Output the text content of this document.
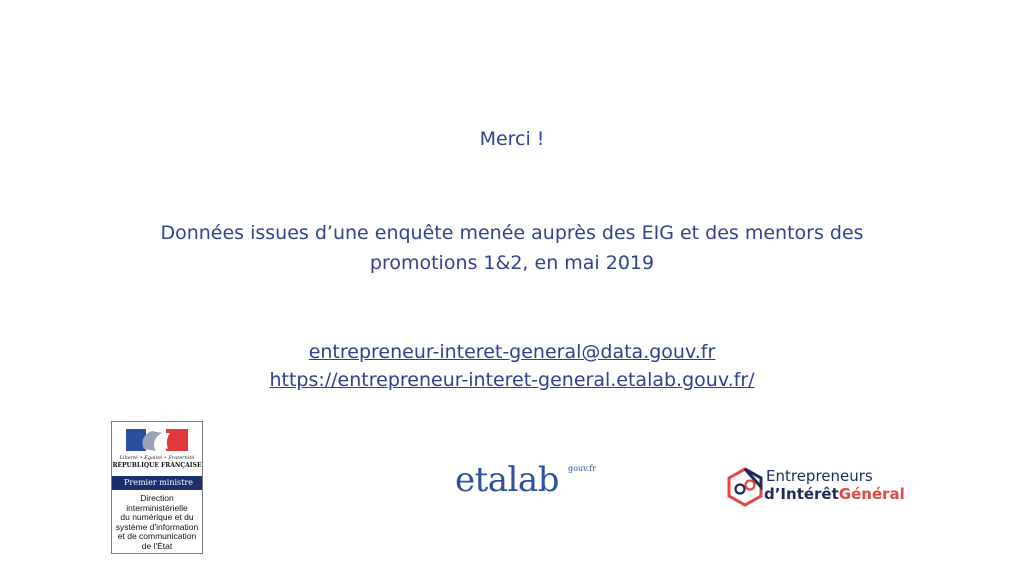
Merci !
Données issues d’une enquête menée auprès des EIG et des mentors des
promotions 1&2, en mai 2019
entrepreneur-interet-general@data.gouv.fr
https://entrepreneur-interet-general.etalab.gouv.fr/
Liberté • Égalité • Fraternité
RÉPUBLIQUE FRANÇAISE
Premier ministre
Direction
interministérielle
du numérique et du
système d'information
et de communication
de l'État
etalab gouv.fr	Entrepreneurs
d’IntérêtGénéral
